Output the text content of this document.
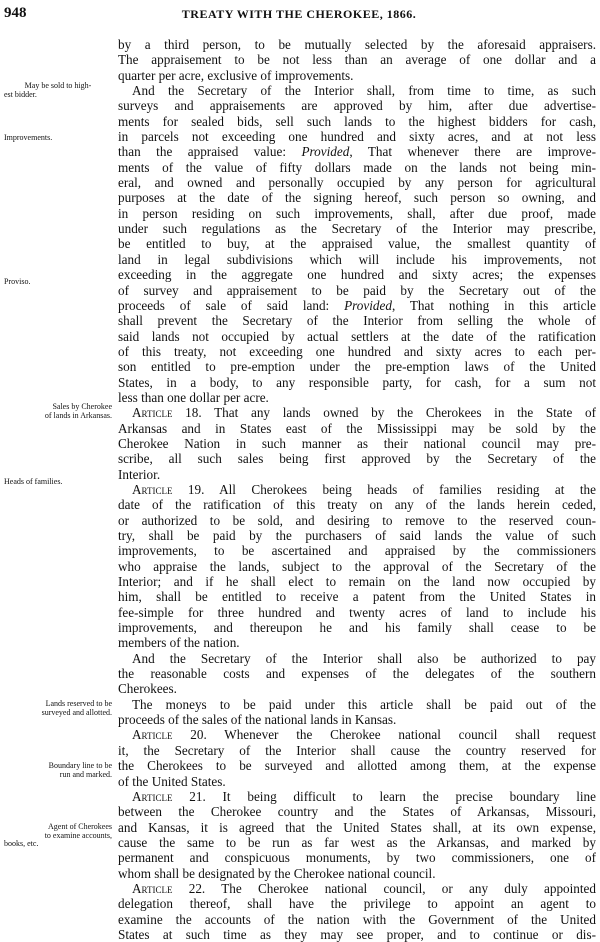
948	TREATY WITH THE CHEROKEE, 1866.
May be sold to high-
est bidder.
Improvements.
Proviso.
Sales by Cherokee
of lands in Arkansas.
Heads of families.
Lands reserved to be
surveyed and allotted.
Boundary line to be
run and marked.
Agent of Cherokees
to examine accounts,
books, etc.
by a third person, to be mutually selected by the aforesaid appraisers.
The appraisement to be not less than an average of one dollar and a
quarter per acre, exclusive of improvements.
And the Secretary of the Interior shall, from time to time, as such
surveys and appraisements are approved by him, after due advertise-
ments for sealed bids, sell such lands to the highest bidders for cash,
in parcels not exceeding one hundred and sixty acres, and at not less
than the appraised value: Provided, That whenever there are improve-
ments of the value of fifty dollars made on the lands not being min-
eral, and owned and personally occupied by any person for agricultural
purposes at the date of the signing hereof, such person so owning, and
in person residing on such improvements, shall, after due proof, made
under such regulations as the Secretary of the Interior may prescribe,
be entitled to buy, at the appraised value, the smallest quantity of
land in legal subdivisions which will include his improvements, not
exceeding in the aggregate one hundred and sixty acres; the expenses
of survey and appraisement to be paid by the Secretary out of the
proceeds of sale of said land: Provided, That nothing in this article
shall prevent the Secretary of the Interior from selling the whole of
said lands not occupied by actual settlers at the date of the ratification
of this treaty, not exceeding one hundred and sixty acres to each per-
son entitled to pre-emption under the pre-emption laws of the United
States, in a body, to any responsible party, for cash, for a sum not
less than one dollar per acre.
Article 18. That any lands owned by the Cherokees in the State of
Arkansas and in States east of the Mississippi may be sold by the
Cherokee Nation in such manner as their national council may pre-
scribe, all such sales being first approved by the Secretary of the
Interior.
Article 19. All Cherokees being heads of families residing at the
date of the ratification of this treaty on any of the lands herein ceded,
or authorized to be sold, and desiring to remove to the reserved coun-
try, shall be paid by the purchasers of said lands the value of such
improvements, to be ascertained and appraised by the commissioners
who appraise the lands, subject to the approval of the Secretary of the
Interior; and if he shall elect to remain on the land now occupied by
him, shall be entitled to receive a patent from the United States in
fee-simple for three hundred and twenty acres of land to include his
improvements, and thereupon he and his family shall cease to be
members of the nation.
And the Secretary of the Interior shall also be authorized to pay
the reasonable costs and expenses of the delegates of the southern
Cherokees.
The moneys to be paid under this article shall be paid out of the
proceeds of the sales of the national lands in Kansas.
Article 20. Whenever the Cherokee national council shall request
it, the Secretary of the Interior shall cause the country reserved for
the Cherokees to be surveyed and allotted among them, at the expense
of the United States.
Article 21. It being difficult to learn the precise boundary line
between the Cherokee country and the States of Arkansas, Missouri,
and Kansas, it is agreed that the United States shall, at its own expense,
cause the same to be run as far west as the Arkansas, and marked by
permanent and conspicuous monuments, by two commissioners, one of
whom shall be designated by the Cherokee national council.
Article 22. The Cherokee national council, or any duly appointed
delegation thereof, shall have the privilege to appoint an agent to
examine the accounts of the nation with the Government of the United
States at such time as they may see proper, and to continue or dis-
